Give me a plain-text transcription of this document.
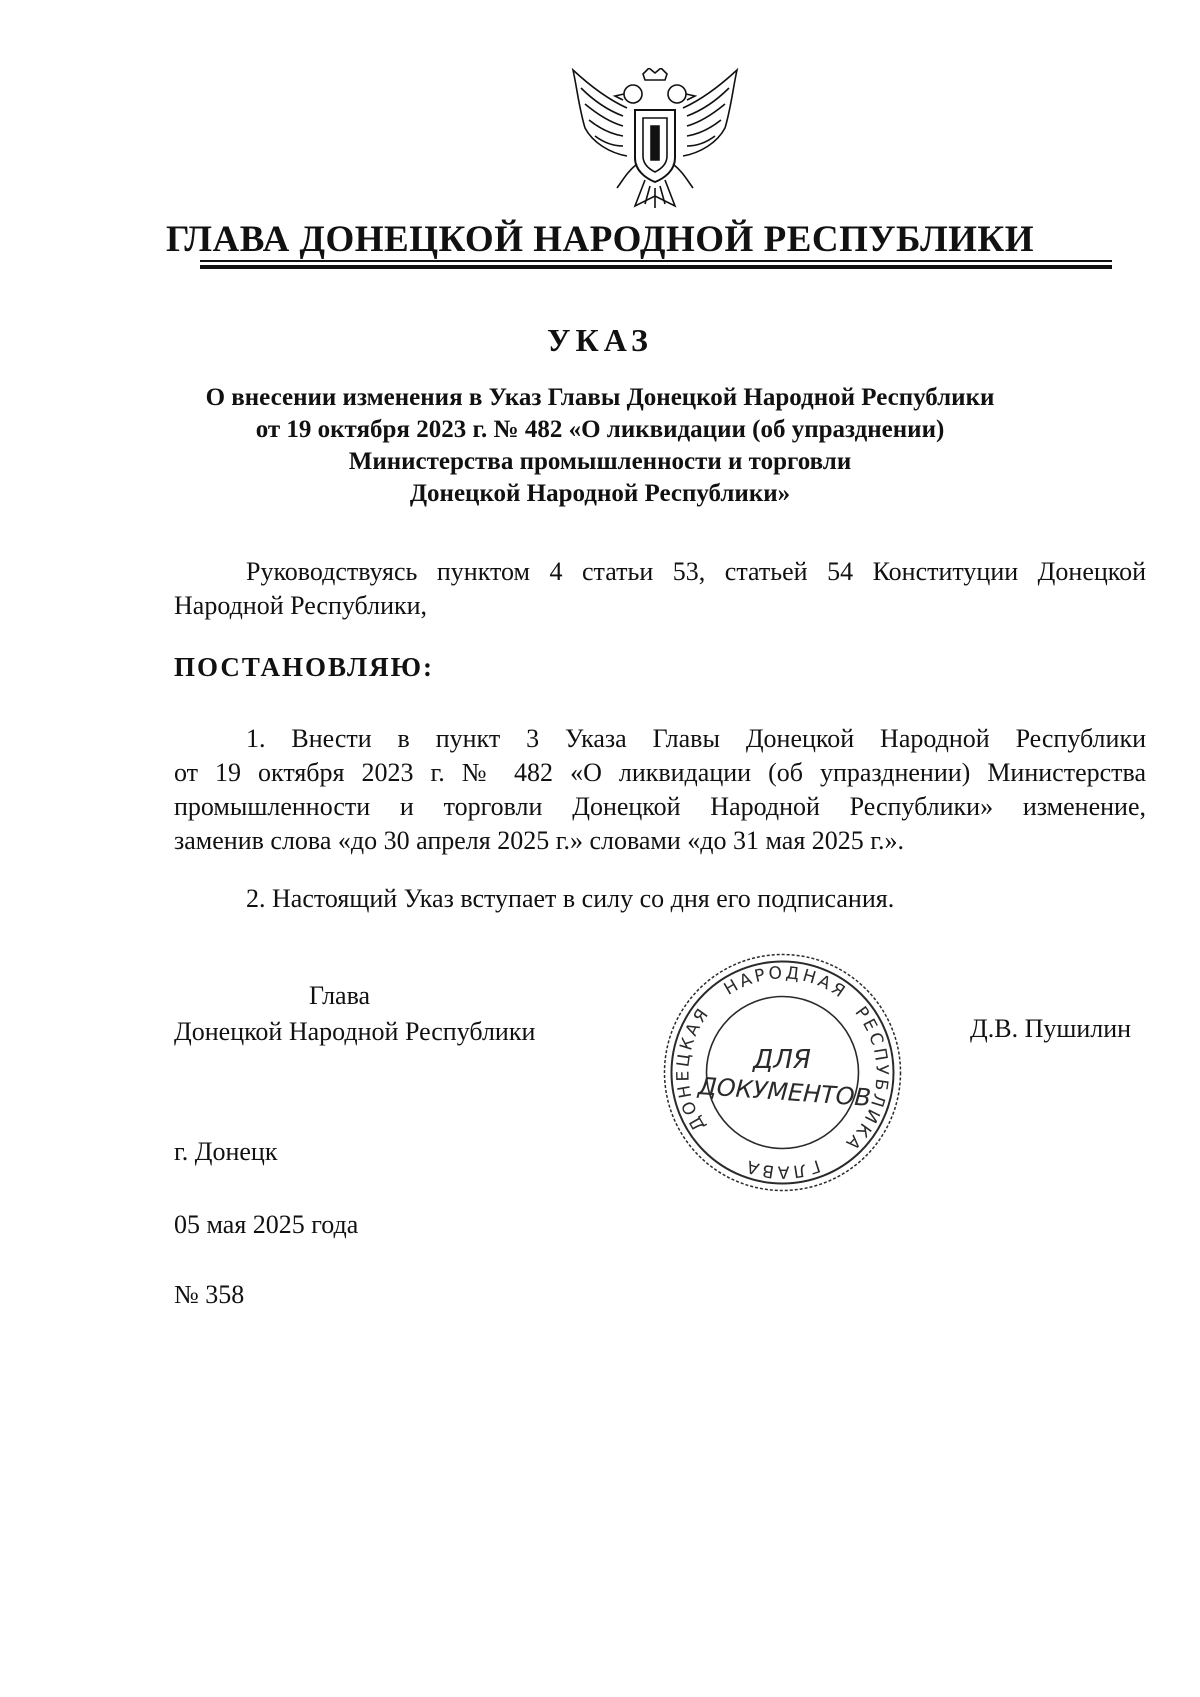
ГЛАВА ДОНЕЦКОЙ НАРОДНОЙ РЕСПУБЛИКИ
УКАЗ
О внесении изменения в Указ Главы Донецкой Народной Республики
от 19 октября 2023 г. № 482 «О ликвидации (об упразднении)
Министерства промышленности и торговли
Донецкой Народной Республики»
Руководствуясь пунктом 4 статьи 53, статьей 54 Конституции Донецкой
Народной Республики,
ПОСТАНОВЛЯЮ:
1. Внести в пункт 3 Указа Главы Донецкой Народной Республики
от 19 октября 2023 г. № 482 «О ликвидации (об упразднении) Министерства
промышленности и торговли Донецкой Народной Республики» изменение,
заменив слова «до 30 апреля 2025 г.» словами «до 31 мая 2025 г.».
2. Настоящий Указ вступает в силу со дня его подписания.
Глава
Донецкой Народной Республики
НАРОДНАЯ
РЕСПУБЛИКА
ДОНЕЦКАЯ
ГЛАВА
ДЛЯ
ДОКУМЕНТОВ
Д.В. Пушилин
г. Донецк
05 мая 2025 года
№ 358
